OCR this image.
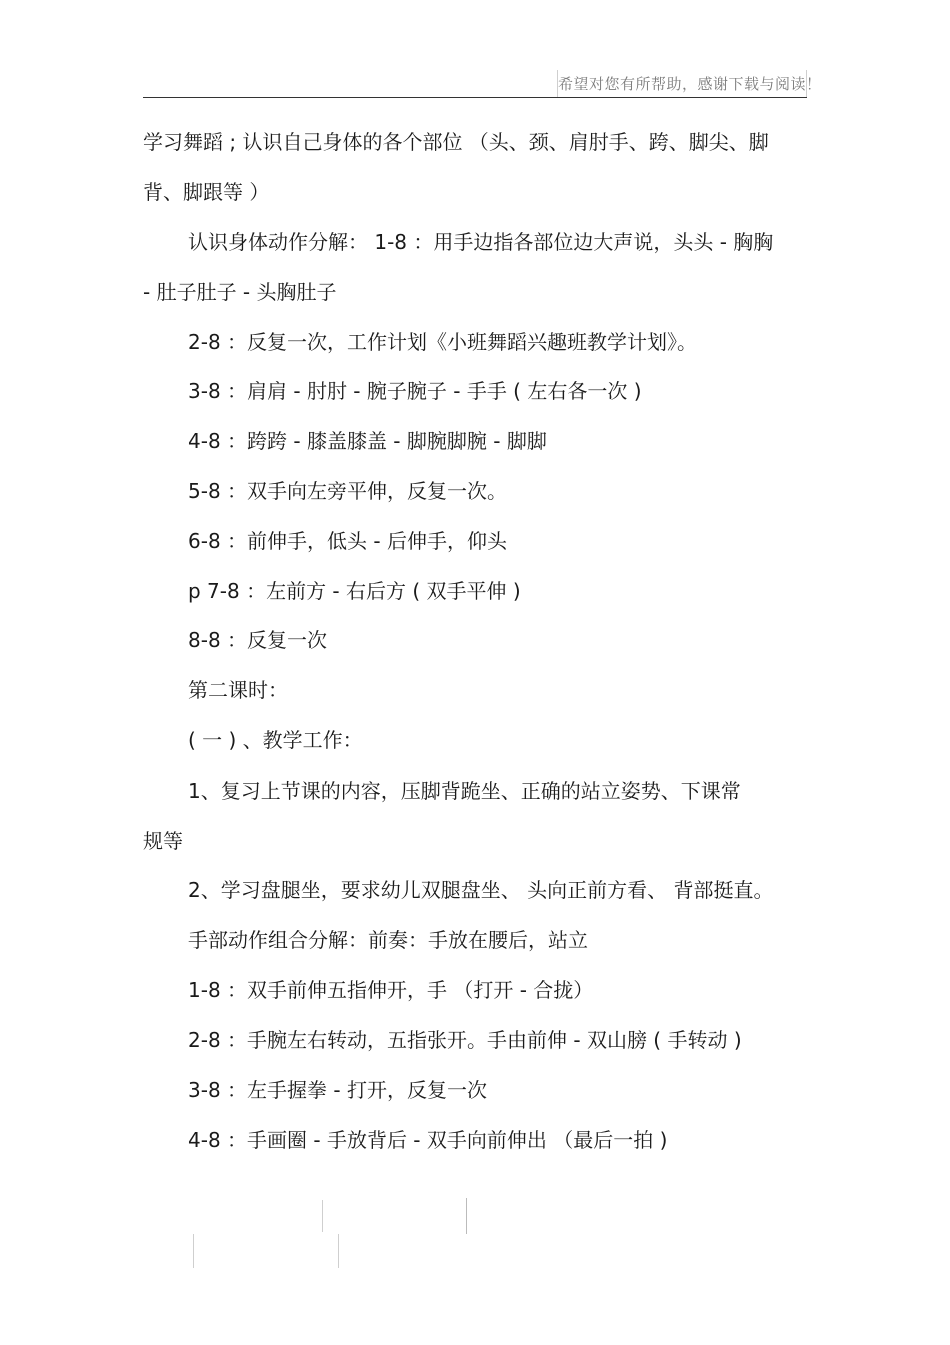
希望对您有所帮助，感谢下载与阅读！
学习舞蹈 ; 认识自己身体的各个部位 （头、颈、肩肘手、跨、脚尖、脚
背、脚跟等 ）
认识身体动作分解： 1-8 ：用手边指各部位边大声说，头头 - 胸胸
- 肚子肚子 - 头胸肚子
2-8 ：反复一次，工作计划《小班舞蹈兴趣班教学计划》。
3-8 ：肩肩 - 肘肘 - 腕子腕子 - 手手 ( 左右各一次 )
4-8 ：跨跨 - 膝盖膝盖 - 脚腕脚腕 - 脚脚
5-8 ：双手向左旁平伸，反复一次。
6-8 ：前伸手，低头 - 后伸手，仰头
p 7-8 ：左前方 - 右后方 ( 双手平伸 )
8-8 ：反复一次
第二课时：
( 一 ) 、教学工作：
1、复习上节课的内容，压脚背跪坐、正确的站立姿势、下课常
规等
2、学习盘腿坐，要求幼儿双腿盘坐、 头向正前方看、 背部挺直。
手部动作组合分解：前奏：手放在腰后，站立
1-8 ：双手前伸五指伸开，手 （打开 - 合拢）
2-8 ：手腕左右转动，五指张开。手由前伸 - 双山膀 ( 手转动 )
3-8 ：左手握拳 - 打开，反复一次
4-8 ：手画圈 - 手放背后 - 双手向前伸出 （最后一拍 )
